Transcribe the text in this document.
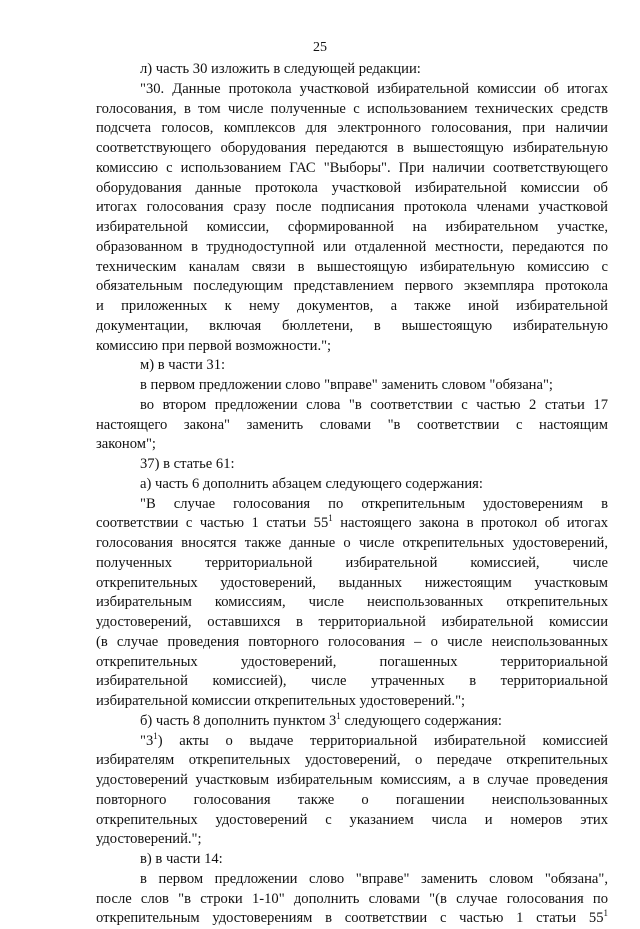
25
л) часть 30 изложить в следующей редакции:
"30. Данные протокола участковой избирательной комиссии об итогах
голосования, в том числе полученные с использованием технических средств
подсчета голосов, комплексов для электронного голосования, при наличии
соответствующего оборудования передаются в вышестоящую избирательную
комиссию с использованием ГАС "Выборы". При наличии соответствующего
оборудования данные протокола участковой избирательной комиссии об
итогах голосования сразу после подписания протокола членами участковой
избирательной комиссии, сформированной на избирательном участке,
образованном в труднодоступной или отдаленной местности, передаются по
техническим каналам связи в вышестоящую избирательную комиссию с
обязательным последующим представлением первого экземпляра протокола
и приложенных к нему документов, а также иной избирательной
документации, включая бюллетени, в вышестоящую избирательную
комиссию при первой возможности.";
м) в части 31:
в первом предложении слово "вправе" заменить словом "обязана";
во втором предложении слова "в соответствии с частью 2 статьи 17
настоящего закона" заменить словами "в соответствии с настоящим
законом";
37) в статье 61:
а) часть 6 дополнить абзацем следующего содержания:
"В случае голосования по открепительным удостоверениям в
соответствии с частью 1 статьи $55^1$ настоящего закона в протокол об итогах
голосования вносятся также данные о числе открепительных удостоверений,
полученных территориальной избирательной комиссией, числе
открепительных удостоверений, выданных нижестоящим участковым
избирательным комиссиям, числе неиспользованных открепительных
удостоверений, оставшихся в территориальной избирательной комиссии
(в случае проведения повторного голосования – о числе неиспользованных
открепительных удостоверений, погашенных территориальной
избирательной комиссией), числе утраченных в территориальной
избирательной комиссии открепительных удостоверений.";
б) часть 8 дополнить пунктом $3^1$ следующего содержания:
"$3^1$) акты о выдаче территориальной избирательной комиссией
избирателям открепительных удостоверений, о передаче открепительных
удостоверений участковым избирательным комиссиям, а в случае проведения
повторного голосования также о погашении неиспользованных
открепительных удостоверений с указанием числа и номеров этих
удостоверений.";
в) в части 14:
в первом предложении слово "вправе" заменить словом "обязана",
после слов "в строки 1-10" дополнить словами "(в случае голосования по
открепительным удостоверениям в соответствии с частью 1 статьи $55^1$
